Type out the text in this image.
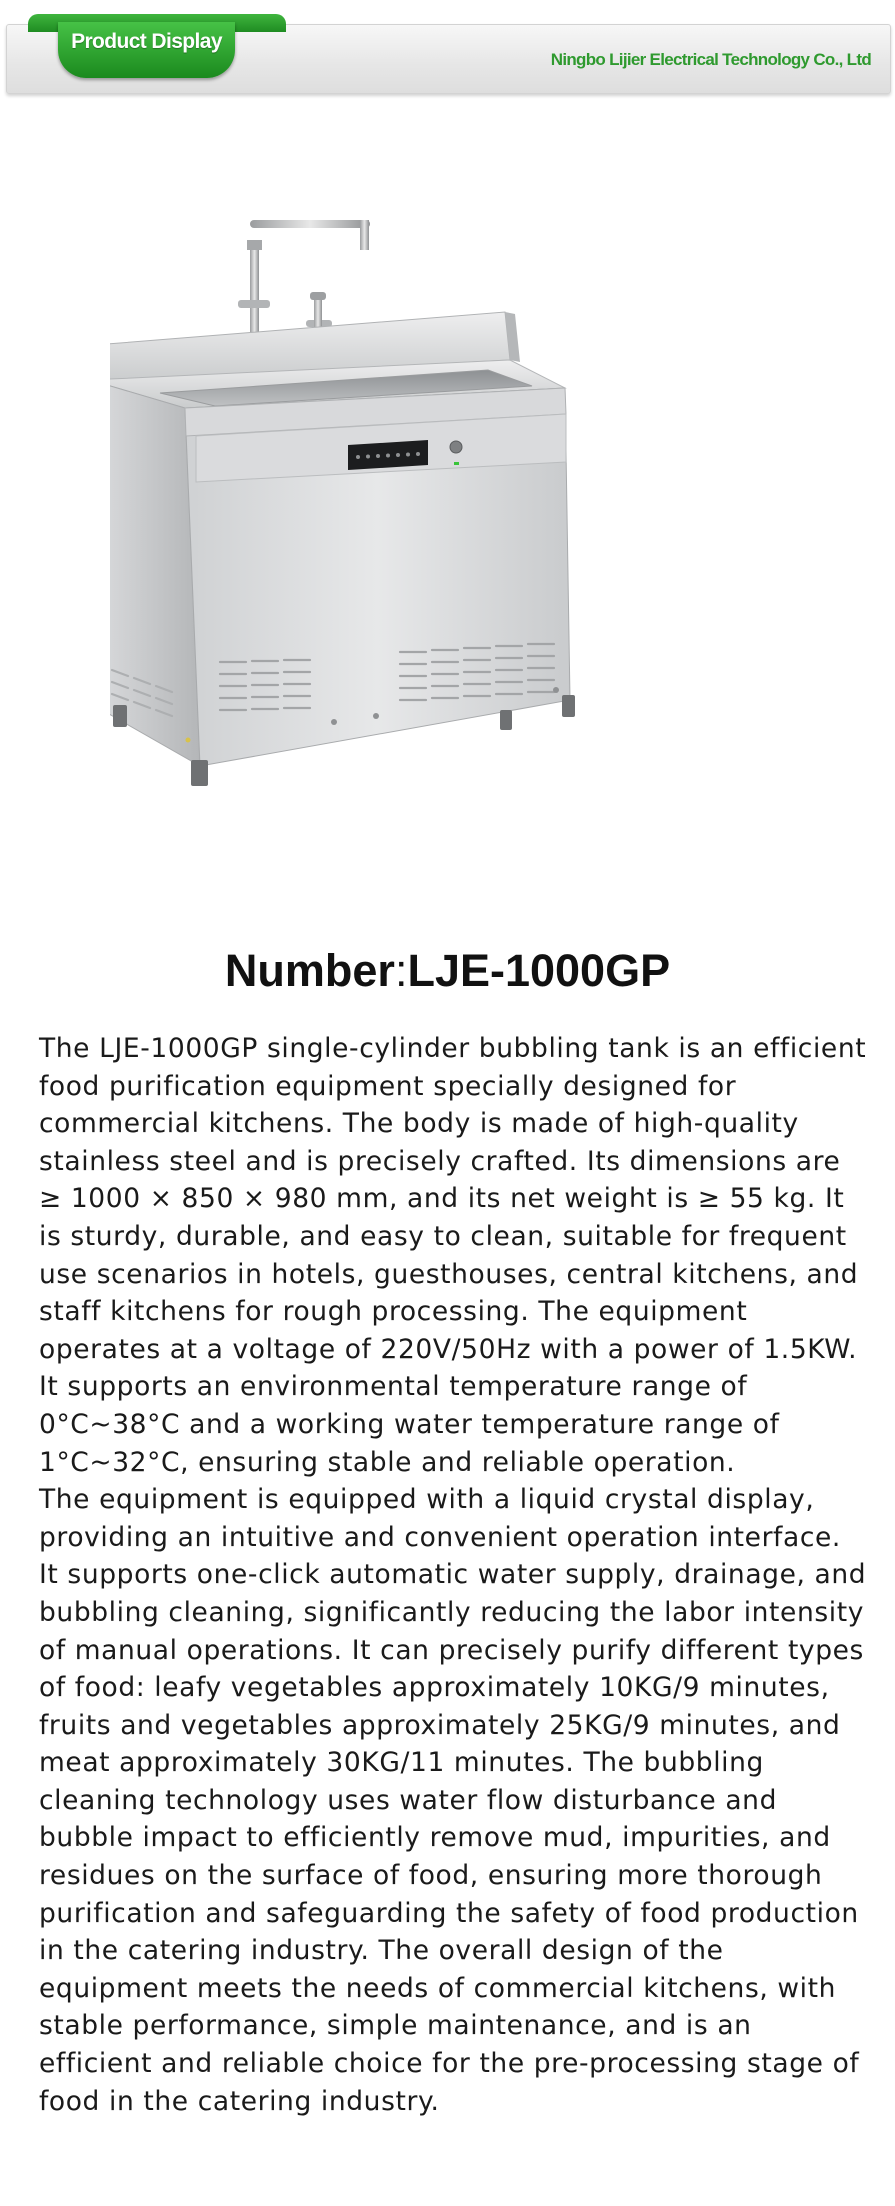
Product Display
Ningbo Lijier Electrical Technology Co., Ltd
Number:LJE-1000GP

The LJE-1000GP single-cylinder bubbling tank is an efficient food purification equipment specially designed for commercial kitchens. The body is made of high-quality stainless steel and is precisely crafted. Its dimensions are ≥ 1000 × 850 × 980 mm, and its net weight is ≥ 55 kg. It is sturdy, durable, and easy to clean, suitable for frequent use scenarios in hotels, guesthouses, central kitchens, and staff kitchens for rough processing. The equipment operates at a voltage of 220V/50Hz with a power of 1.5KW. It supports an environmental temperature range of 0°C~38°C and a working water temperature range of 1°C~32°C, ensuring stable and reliable operation.

The equipment is equipped with a liquid crystal display, providing an intuitive and convenient operation interface. It supports one-click automatic water supply, drainage, and bubbling cleaning, significantly reducing the labor intensity of manual operations. It can precisely purify different types of food: leafy vegetables approximately 10KG/9 minutes, fruits and vegetables approximately 25KG/9 minutes, and meat approximately 30KG/11 minutes. The bubbling cleaning technology uses water flow disturbance and bubble impact to efficiently remove mud, impurities, and residues on the surface of food, ensuring more thorough purification and safeguarding the safety of food production in the catering industry. The overall design of the equipment meets the needs of commercial kitchens, with stable performance, simple maintenance, and is an efficient and reliable choice for the pre-processing stage of food in the catering industry.
